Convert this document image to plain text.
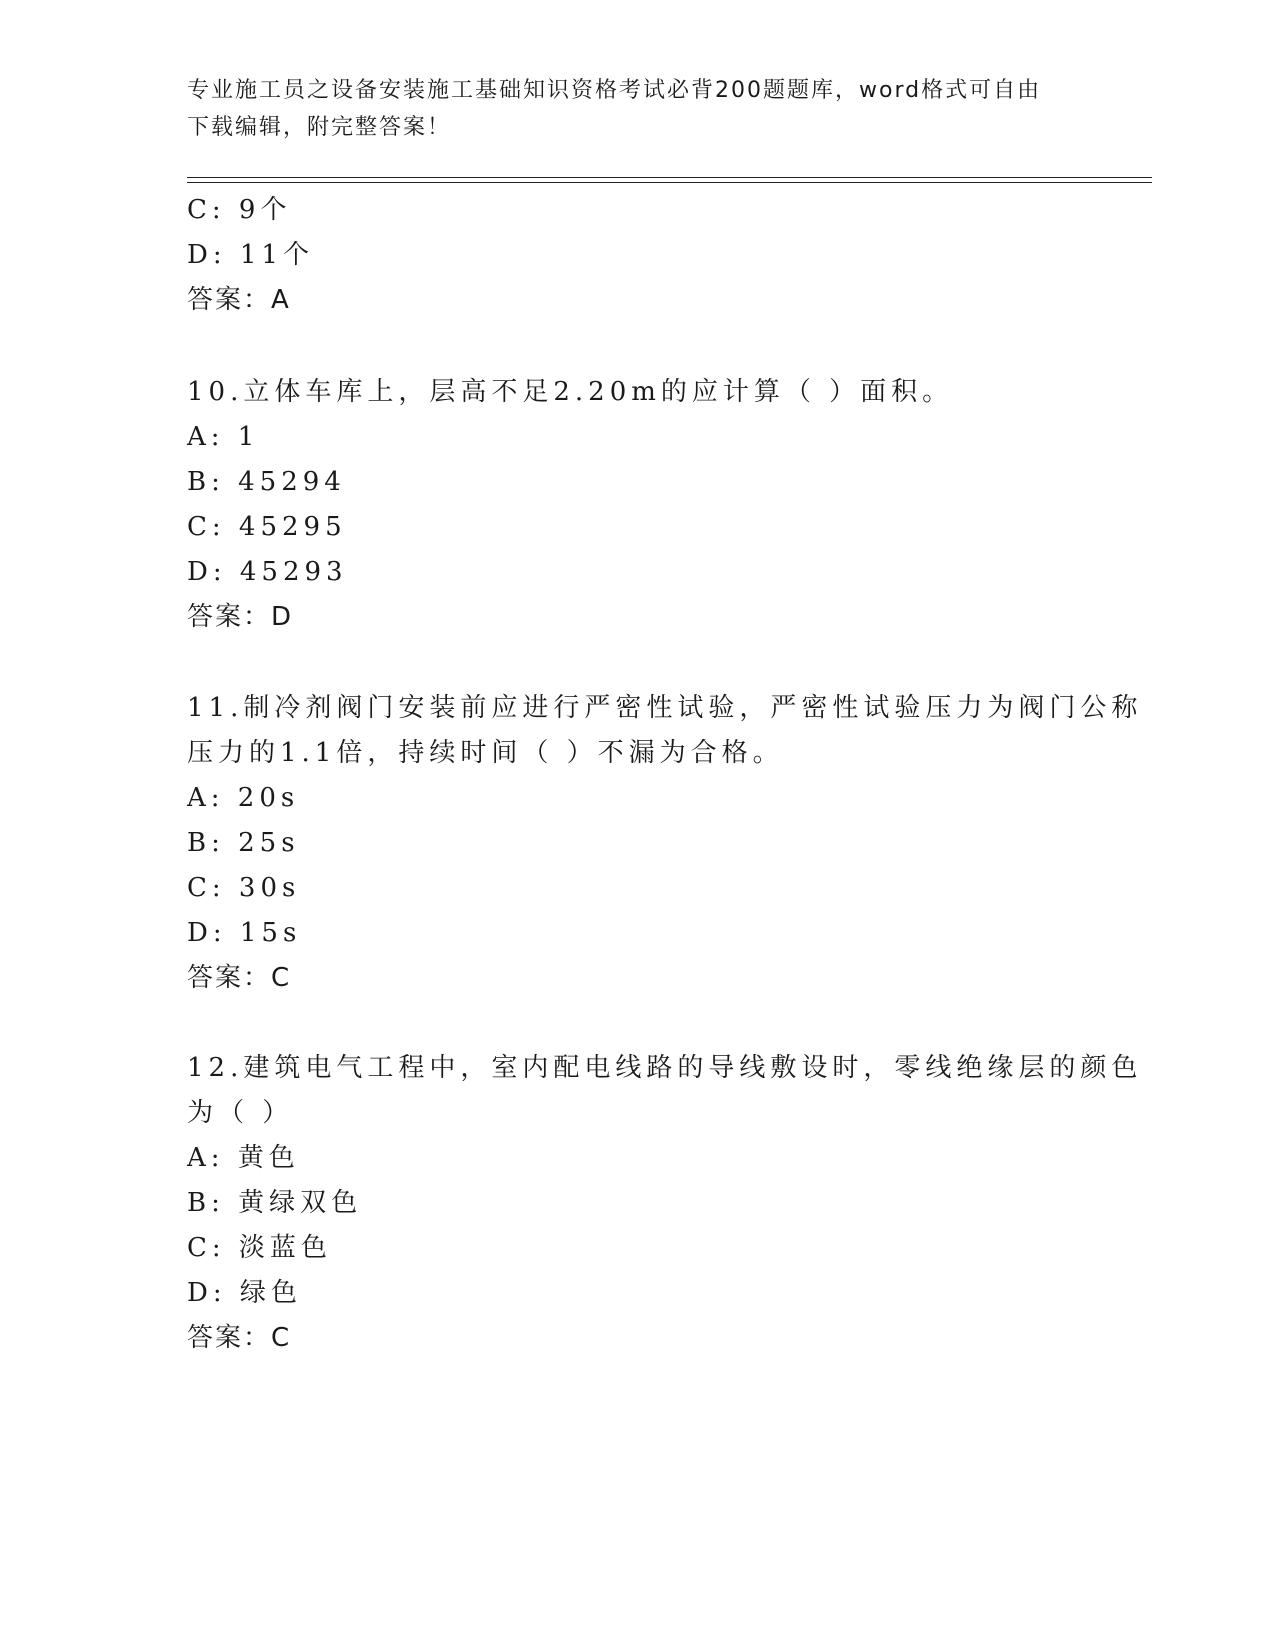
专业施工员之设备安装施工基础知识资格考试必背200题题库，word格式可自由
下载编辑，附完整答案！
C: 9个
D: 11个
答案：A
10.立体车库上，层高不足2.20m的应计算（ ）面积。
A: 1
B: 45294
C: 45295
D: 45293
答案：D
11.制冷剂阀门安装前应进行严密性试验，严密性试验压力为阀门公称
压力的1.1倍，持续时间（ ）不漏为合格。
A: 20s
B: 25s
C: 30s
D: 15s
答案：C
12.建筑电气工程中，室内配电线路的导线敷设时，零线绝缘层的颜色
为（ ）
A: 黄色
B: 黄绿双色
C: 淡蓝色
D: 绿色
答案：C
